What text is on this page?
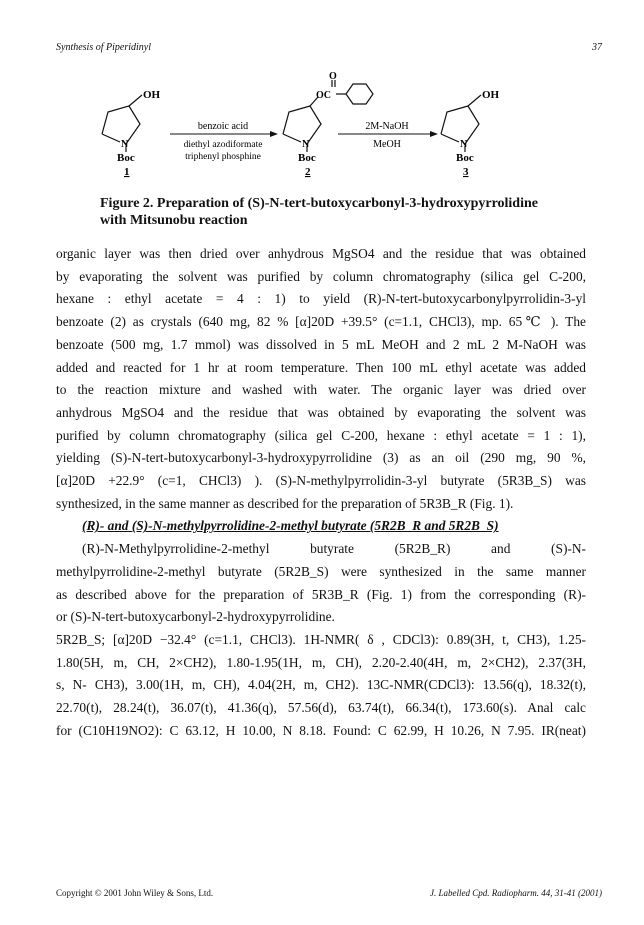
Synthesis of Piperidinyl	37
OH
N
Boc
1
benzoic acid
diethyl azodiformate
triphenyl phosphine
O
OC
N
Boc
2
2M-NaOH
MeOH
OH
N
Boc
3
Figure 2. Preparation of (S)-N-tert-butoxycarbonyl-3-hydroxypyrrolidine
with Mitsunobu reaction
organic layer was then dried over anhydrous MgSO4 and the residue that was obtained
by evaporating the solvent was purified by column chromatography (silica gel C-200,
hexane : ethyl acetate = 4 : 1) to yield (R)-N-tert-butoxycarbonylpyrrolidin-3-yl
benzoate (2) as crystals (640 mg, 82 % [α]20D +39.5° (c=1.1, CHCl3), mp. 65℃ ). The
benzoate (500 mg, 1.7 mmol) was dissolved in 5 mL MeOH and 2 mL 2 M-NaOH was
added and reacted for 1 hr at room temperature. Then 100 mL ethyl acetate was added
to the reaction mixture and washed with water. The organic layer was dried over
anhydrous MgSO4 and the residue that was obtained by evaporating the solvent was
purified by column chromatography (silica gel C-200, hexane : ethyl acetate = 1 : 1),
yielding (S)-N-tert-butoxycarbonyl-3-hydroxypyrrolidine (3) as an oil (290 mg, 90 %,
[α]20D +22.9° (c=1, CHCl3) ). (S)-N-methylpyrrolidin-3-yl butyrate (5R3B_S) was
synthesized, in the same manner as described for the preparation of 5R3B_R (Fig. 1).
(R)- and (S)-N-methylpyrrolidine-2-methyl butyrate (5R2B_R and 5R2B_S)
(R)-N-Methylpyrrolidine-2-methyl butyrate (5R2B_R) and (S)-N-
methylpyrrolidine-2-methyl butyrate (5R2B_S) were synthesized in the same manner
as described above for the preparation of 5R3B_R (Fig. 1) from the corresponding (R)-
or (S)-N-tert-butoxycarbonyl-2-hydroxypyrrolidine.
5R2B_S; [α]20D −32.4° (c=1.1, CHCl3). 1H-NMR( δ , CDCl3): 0.89(3H, t, CH3), 1.25-
1.80(5H, m, CH, 2×CH2), 1.80-1.95(1H, m, CH), 2.20-2.40(4H, m, 2×CH2), 2.37(3H,
s, N- CH3), 3.00(1H, m, CH), 4.04(2H, m, CH2). 13C-NMR(CDCl3): 13.56(q), 18.32(t),
22.70(t), 28.24(t), 36.07(t), 41.36(q), 57.56(d), 63.74(t), 66.34(t), 173.60(s). Anal calc
for (C10H19NO2): C 63.12, H 10.00, N 8.18. Found: C 62.99, H 10.26, N 7.95. IR(neat)
Copyright © 2001 John Wiley & Sons, Ltd.	J. Labelled Cpd. Radiopharm. 44, 31-41 (2001)
